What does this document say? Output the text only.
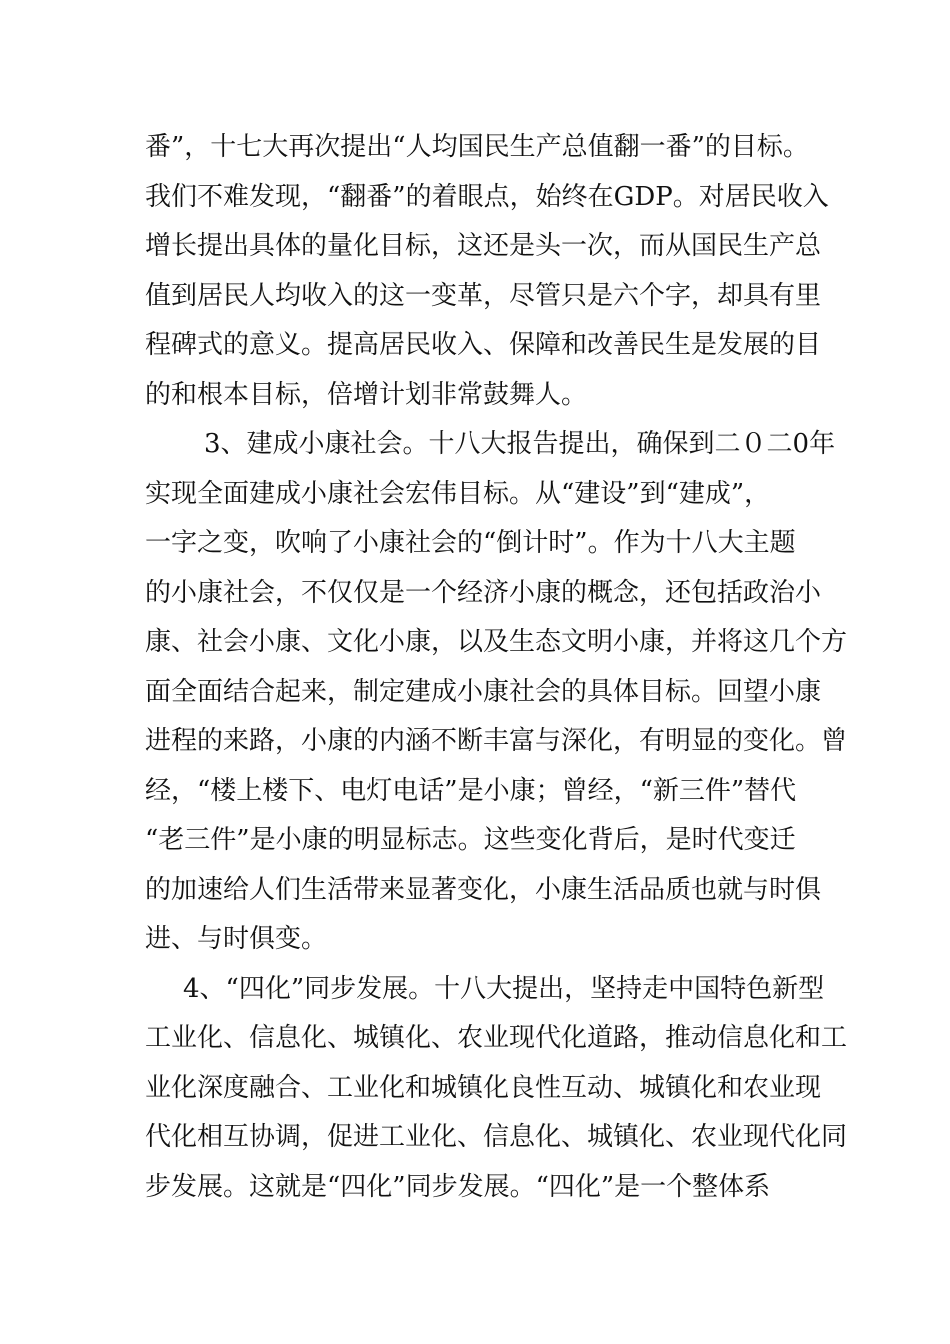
番”，十七大再次提出“人均国民生产总值翻一番”的目标。
我们不难发现，“翻番”的着眼点，始终在GDP。对居民收入
增长提出具体的量化目标，这还是头一次，而从国民生产总
值到居民人均收入的这一变革，尽管只是六个字，却具有里
程碑式的意义。提高居民收入、保障和改善民生是发展的目
的和根本目标，倍增计划非常鼓舞人。
3、建成小康社会。十八大报告提出，确保到二０二0年
实现全面建成小康社会宏伟目标。从“建设”到“建成”，
一字之变，吹响了小康社会的“倒计时”。作为十八大主题
的小康社会，不仅仅是一个经济小康的概念，还包括政治小
康、社会小康、文化小康，以及生态文明小康，并将这几个方
面全面结合起来，制定建成小康社会的具体目标。回望小康
进程的来路，小康的内涵不断丰富与深化，有明显的变化。曾
经，“楼上楼下、电灯电话”是小康；曾经，“新三件”替代
“老三件”是小康的明显标志。这些变化背后，是时代变迁
的加速给人们生活带来显著变化，小康生活品质也就与时俱
进、与时俱变。
4、“四化”同步发展。十八大提出，坚持走中国特色新型
工业化、信息化、城镇化、农业现代化道路，推动信息化和工
业化深度融合、工业化和城镇化良性互动、城镇化和农业现
代化相互协调，促进工业化、信息化、城镇化、农业现代化同
步发展。这就是“四化”同步发展。“四化”是一个整体系
